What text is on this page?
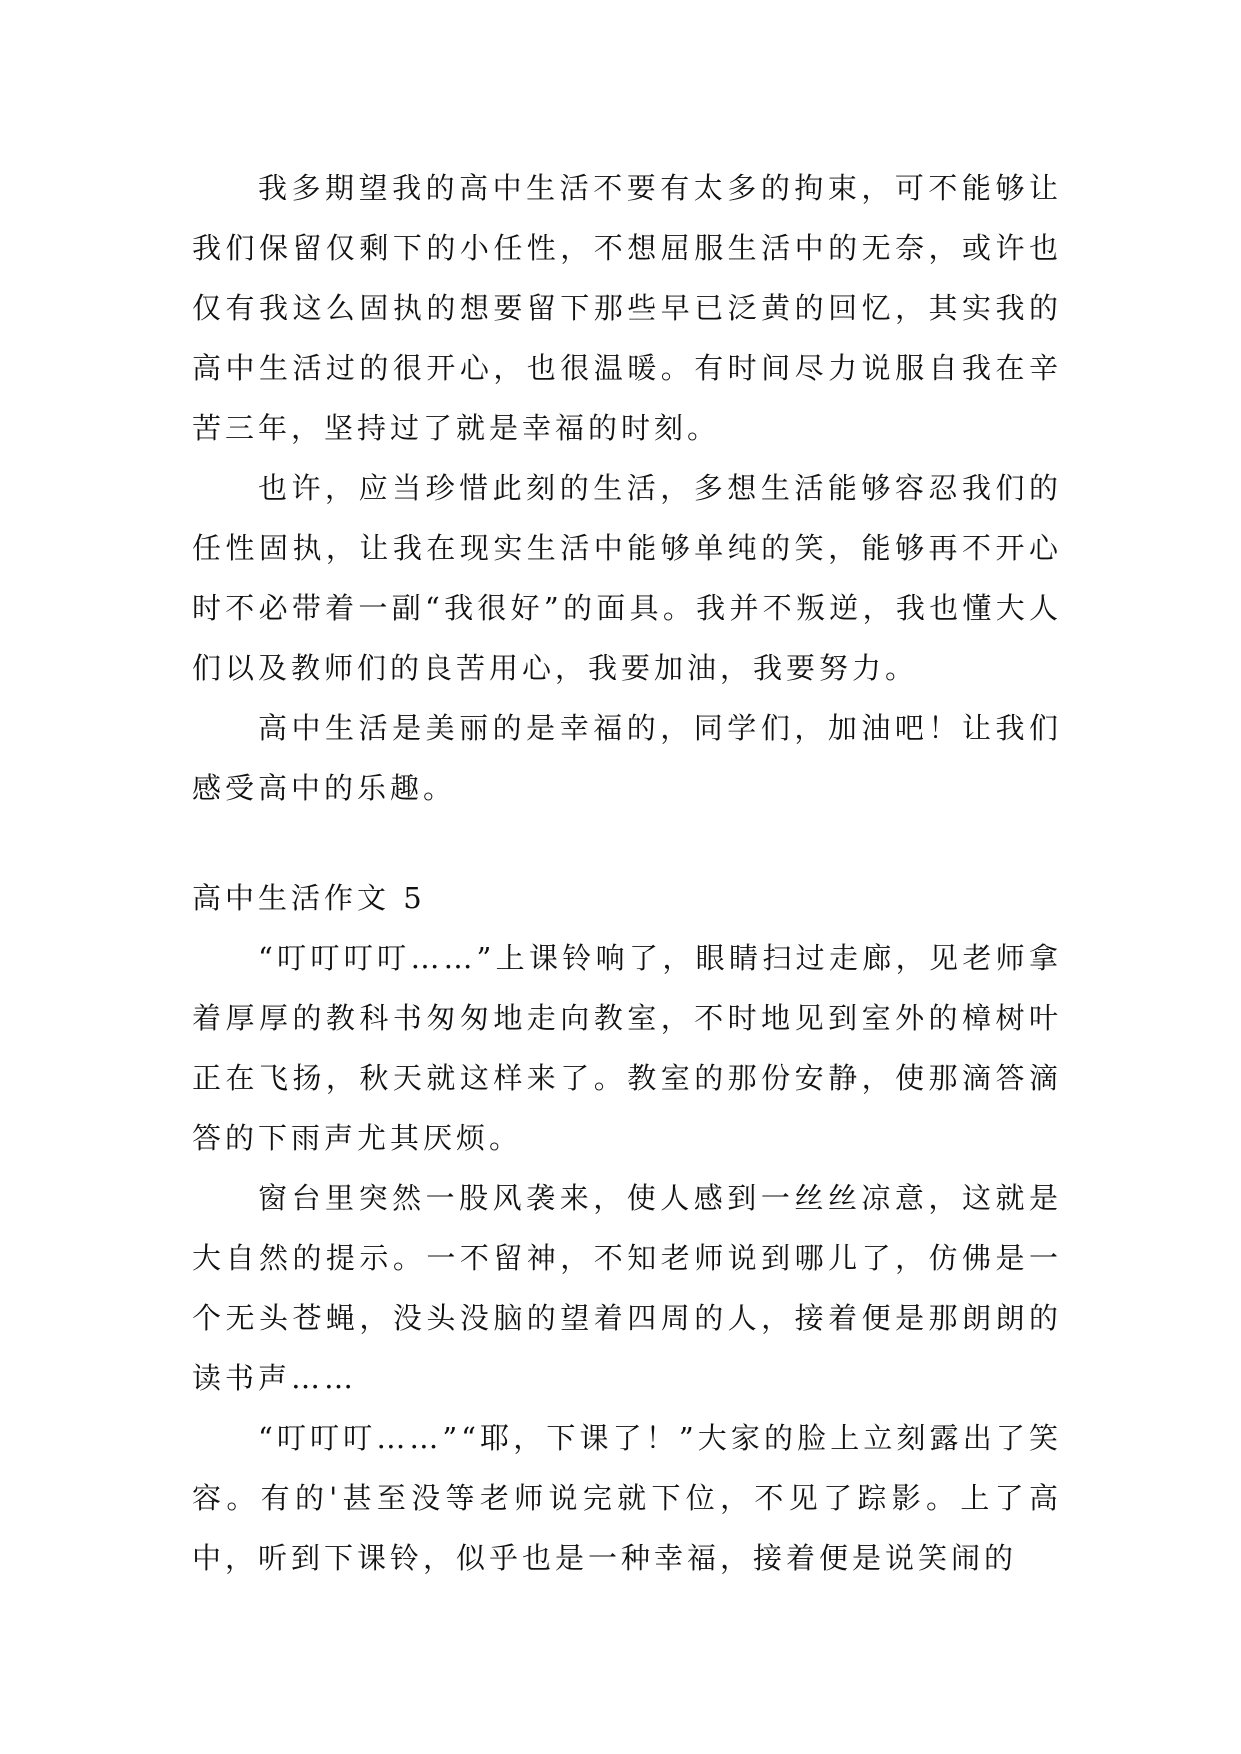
我多期望我的高中生活不要有太多的拘束，可不能够让我们保留仅剩下的小任性，不想屈服生活中的无奈，或许也仅有我这么固执的想要留下那些早已泛黄的回忆，其实我的高中生活过的很开心，也很温暖。有时间尽力说服自我在辛苦三年，坚持过了就是幸福的时刻。

也许，应当珍惜此刻的生活，多想生活能够容忍我们的任性固执，让我在现实生活中能够单纯的笑，能够再不开心时不必带着一副“我很好”的面具。我并不叛逆，我也懂大人们以及教师们的良苦用心，我要加油，我要努力。

高中生活是美丽的是幸福的，同学们，加油吧！让我们感受高中的乐趣。

高中生活作文 5

“叮叮叮叮……”上课铃响了，眼睛扫过走廊，见老师拿着厚厚的教科书匆匆地走向教室，不时地见到室外的樟树叶正在飞扬，秋天就这样来了。教室的那份安静，使那滴答滴答的下雨声尤其厌烦。

窗台里突然一股风袭来，使人感到一丝丝凉意，这就是大自然的提示。一不留神，不知老师说到哪儿了，仿佛是一个无头苍蝇，没头没脑的望着四周的人，接着便是那朗朗的读书声……

“叮叮叮……”“耶，下课了！”大家的脸上立刻露出了笑容。有的'甚至没等老师说完就下位，不见了踪影。上了高中，听到下课铃，似乎也是一种幸福，接着便是说笑闹的
